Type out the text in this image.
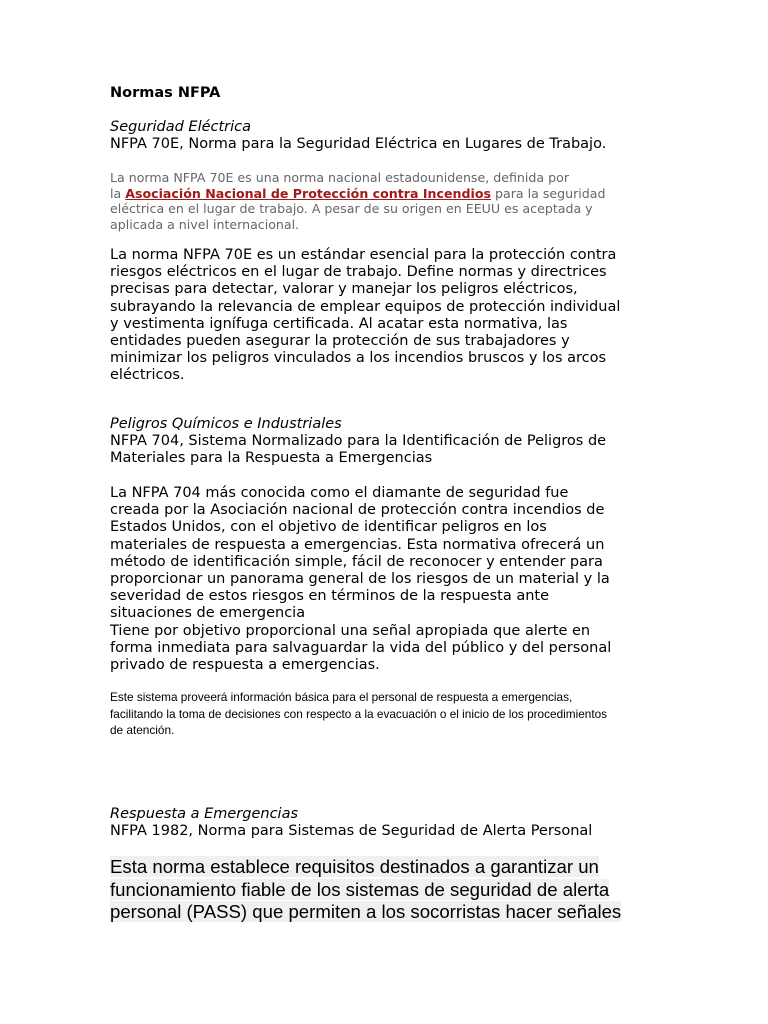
Normas NFPA
Seguridad Eléctrica
NFPA 70E, Norma para la Seguridad Eléctrica en Lugares de Trabajo.
La norma NFPA 70E es una norma nacional estadounidense, definida por
la Asociación Nacional de Protección contra Incendios para la seguridad
eléctrica en el lugar de trabajo. A pesar de su origen en EEUU es aceptada y
aplicada a nivel internacional.
La norma NFPA 70E es un estándar esencial para la protección contra
riesgos eléctricos en el lugar de trabajo. Define normas y directrices
precisas para detectar, valorar y manejar los peligros eléctricos,
subrayando la relevancia de emplear equipos de protección individual
y vestimenta ignífuga certificada. Al acatar esta normativa, las
entidades pueden asegurar la protección de sus trabajadores y
minimizar los peligros vinculados a los incendios bruscos y los arcos
eléctricos.
Peligros Químicos e Industriales
NFPA 704, Sistema Normalizado para la Identificación de Peligros de
Materiales para la Respuesta a Emergencias
La NFPA 704 más conocida como el diamante de seguridad fue
creada por la Asociación nacional de protección contra incendios de
Estados Unidos, con el objetivo de identificar peligros en los
materiales de respuesta a emergencias. Esta normativa ofrecerá un
método de identificación simple, fácil de reconocer y entender para
proporcionar un panorama general de los riesgos de un material y la
severidad de estos riesgos en términos de la respuesta ante
situaciones de emergencia
Tiene por objetivo proporcional una señal apropiada que alerte en
forma inmediata para salvaguardar la vida del público y del personal
privado de respuesta a emergencias.
Este sistema proveerá información básica para el personal de respuesta a emergencias,
facilitando la toma de decisiones con respecto a la evacuación o el inicio de los procedimientos
de atención.
Respuesta a Emergencias
NFPA 1982, Norma para Sistemas de Seguridad de Alerta Personal
Esta norma establece requisitos destinados a garantizar un
funcionamiento fiable de los sistemas de seguridad de alerta
personal (PASS) que permiten a los socorristas hacer señales
